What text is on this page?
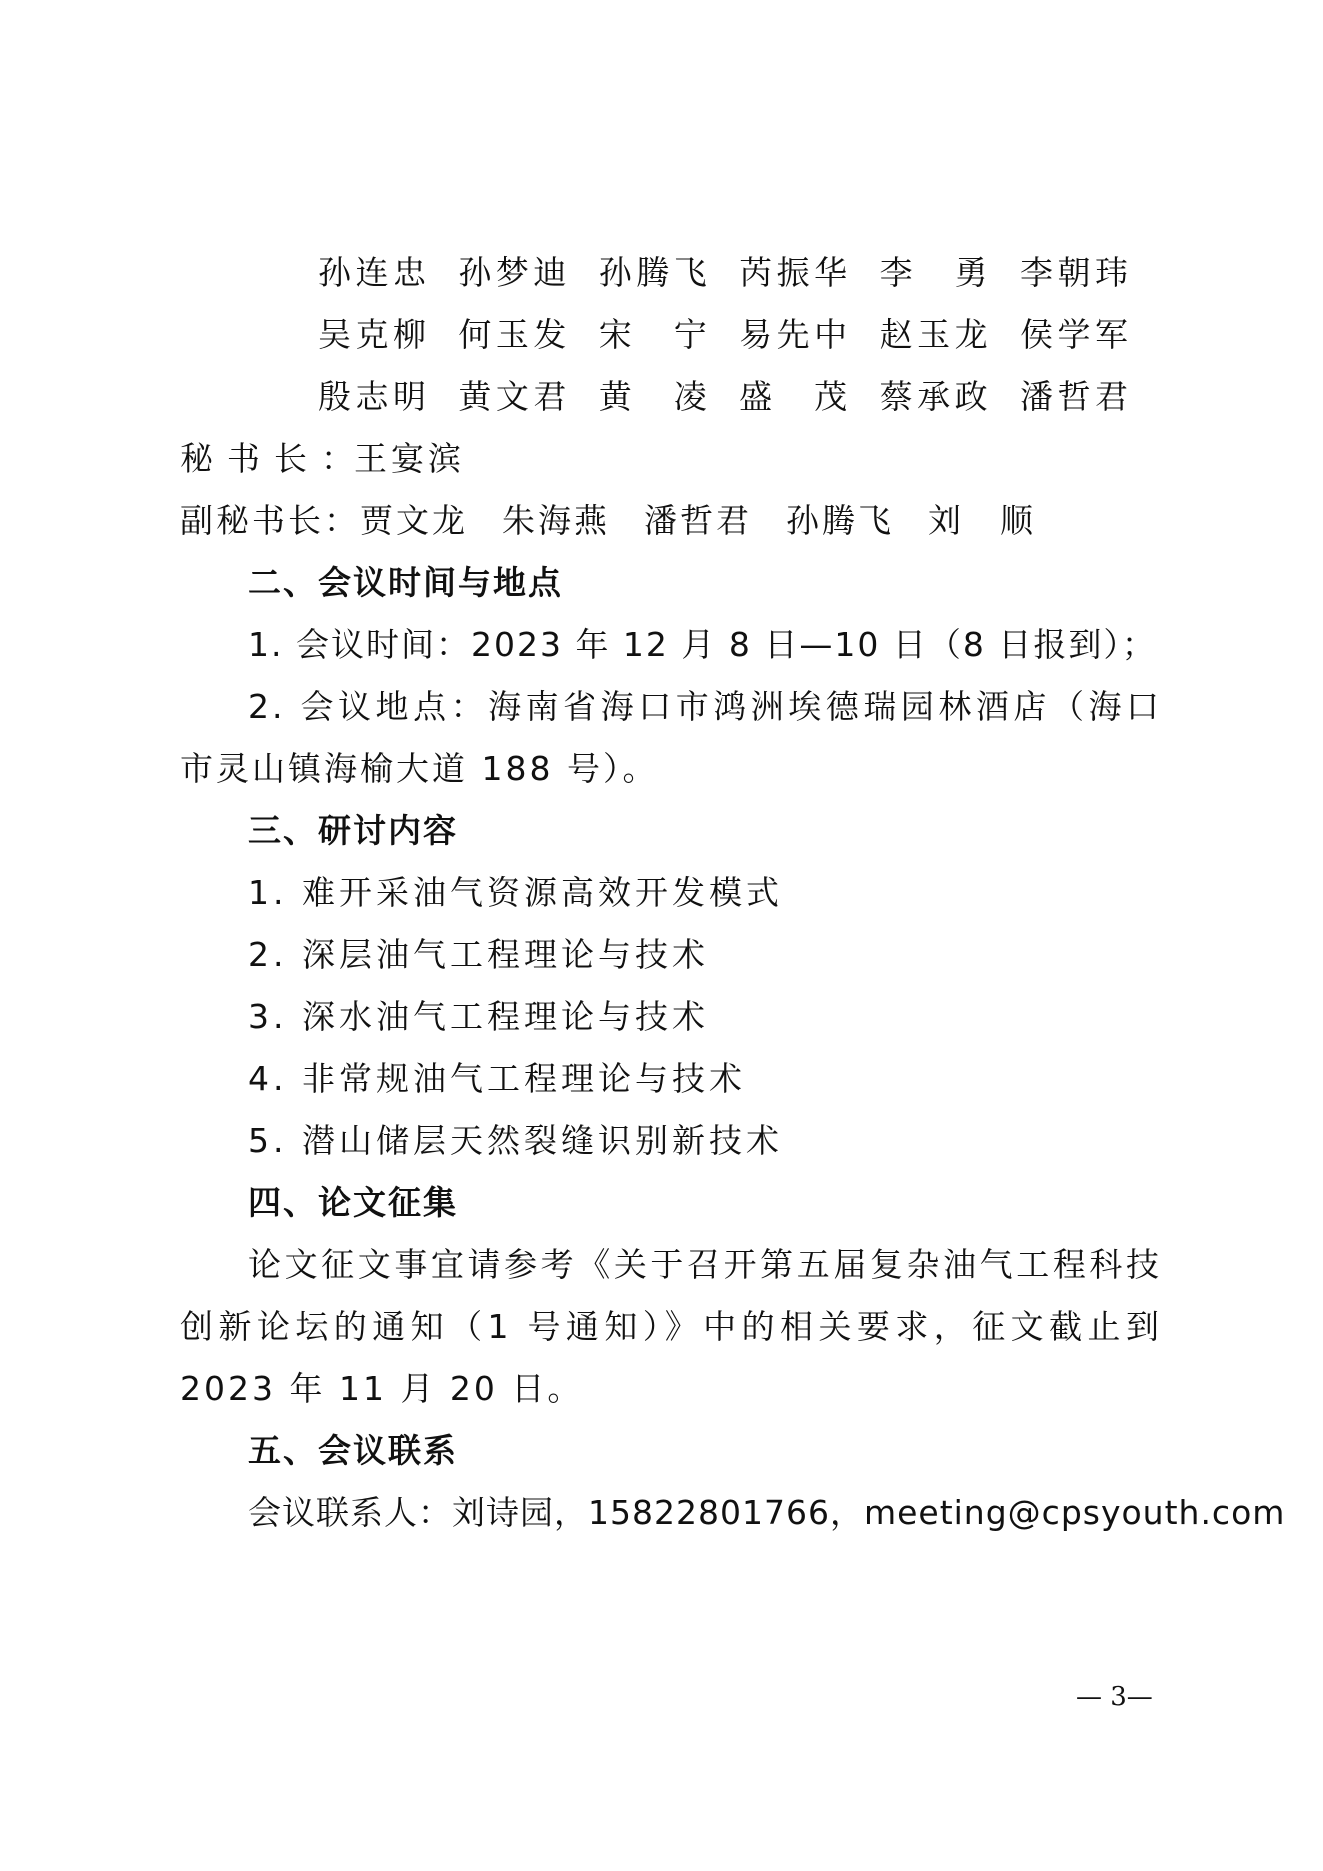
孙连忠 孙梦迪 孙腾飞 芮振华 李　勇 李朝玮
吴克柳 何玉发 宋　宁 易先中 赵玉龙 侯学军
殷志明 黄文君 黄　凌 盛　茂 蔡承政 潘哲君
秘书长：王宴滨
副秘书长：贾文龙 朱海燕 潘哲君 孙腾飞 刘　顺
二、会议时间与地点
1. 会议时间：2023 年 12 月 8 日—10 日（8 日报到）；
2. 会议地点：海南省海口市鸿洲埃德瑞园林酒店（海口市灵山镇海榆大道 188 号）。
三、研讨内容
1. 难开采油气资源高效开发模式
2. 深层油气工程理论与技术
3. 深水油气工程理论与技术
4. 非常规油气工程理论与技术
5. 潜山储层天然裂缝识别新技术
四、论文征集
论文征文事宜请参考《关于召开第五届复杂油气工程科技创新论坛的通知（1 号通知）》中的相关要求，征文截止到 2023 年 11 月 20 日。
五、会议联系
会议联系人：刘诗园，15822801766，meeting@cpsyouth.com
— 3—
